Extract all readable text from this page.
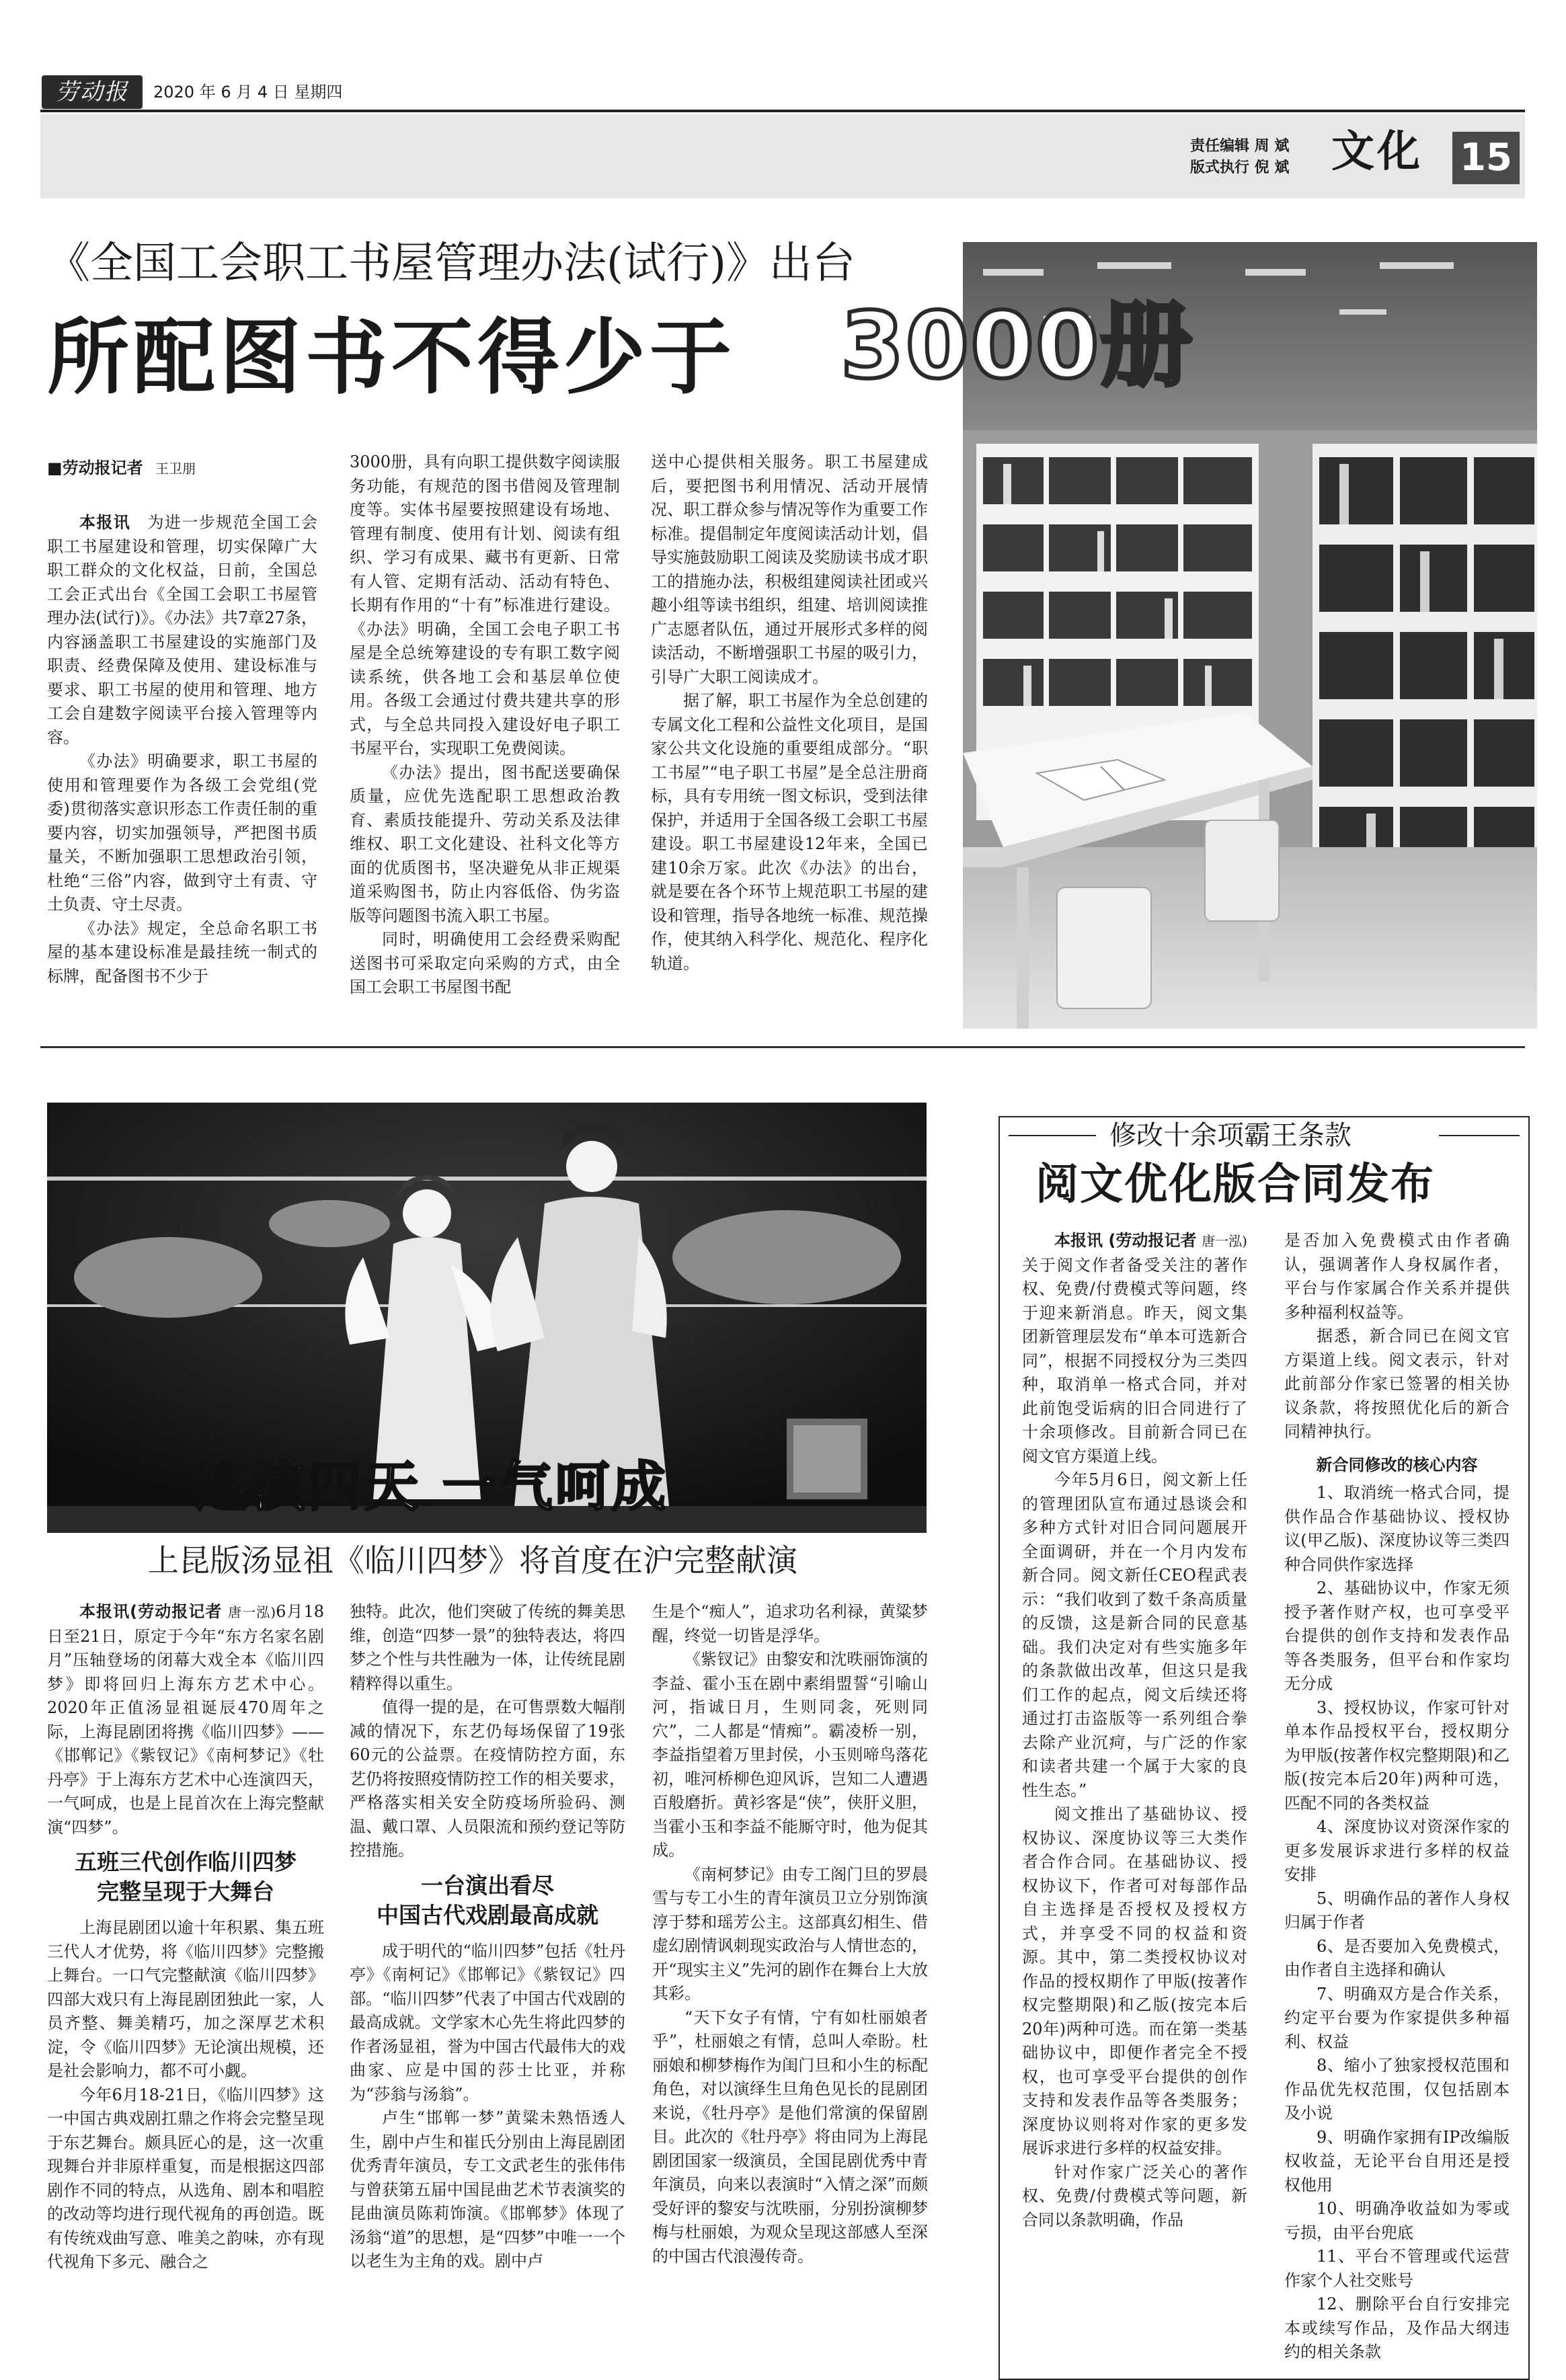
劳动报	2020 年 6 月 4 日 星期四
责任编辑 周 斌
版式执行 倪 斌 文化 15
《全国工会职工书屋管理办法(试行)》出台
所配图书不得少于 3000册
■劳动报记者 王卫朋

本报讯　 为进一步规范全国工会职工书屋建设和管理，切实保障广大职工群众的文化权益，日前，全国总工会正式出台《全国工会职工书屋管理办法(试行)》。《办法》共7章27条，内容涵盖职工书屋建设的实施部门及职责、经费保障及使用、建设标准与要求、职工书屋的使用和管理、地方工会自建数字阅读平台接入管理等内容。

《办法》明确要求，职工书屋的使用和管理要作为各级工会党组(党委)贯彻落实意识形态工作责任制的重要内容，切实加强领导，严把图书质量关，不断加强职工思想政治引领，杜绝“三俗”内容，做到守土有责、守土负责、守土尽责。

《办法》规定，全总命名职工书屋的基本建设标准是最挂统一制式的标牌，配备图书不少于

3000册，具有向职工提供数字阅读服务功能，有规范的图书借阅及管理制度等。实体书屋要按照建设有场地、管理有制度、使用有计划、阅读有组织、学习有成果、藏书有更新、日常有人管、定期有活动、活动有特色、长期有作用的“十有”标准进行建设。《办法》明确，全国工会电子职工书屋是全总统筹建设的专有职工数字阅读系统，供各地工会和基层单位使用。各级工会通过付费共建共享的形式，与全总共同投入建设好电子职工书屋平台，实现职工免费阅读。

《办法》提出，图书配送要确保质量，应优先选配职工思想政治教育、素质技能提升、劳动关系及法律维权、职工文化建设、社科文化等方面的优质图书，坚决避免从非正规渠道采购图书，防止内容低俗、伪劣盗版等问题图书流入职工书屋。

同时，明确使用工会经费采购配送图书可采取定向采购的方式，由全国工会职工书屋图书配

送中心提供相关服务。职工书屋建成后，要把图书利用情况、活动开展情况、职工群众参与情况等作为重要工作标准。提倡制定年度阅读活动计划，倡导实施鼓励职工阅读及奖励读书成才职工的措施办法，积极组建阅读社团或兴趣小组等读书组织，组建、培训阅读推广志愿者队伍，通过开展形式多样的阅读活动，不断增强职工书屋的吸引力，引导广大职工阅读成才。

据了解，职工书屋作为全总创建的专属文化工程和公益性文化项目，是国家公共文化设施的重要组成部分。“职工书屋”“电子职工书屋”是全总注册商标，具有专用统一图文标识，受到法律保护，并适用于全国各级工会职工书屋建设。职工书屋建设12年来，全国已建10余万家。此次《办法》的出台，就是要在各个环节上规范职工书屋的建设和管理，指导各地统一标准、规范操作，使其纳入科学化、规范化、程序化轨道。

连演四天 一气呵成
上昆版汤显祖《临川四梦》将首度在沪完整献演

本报讯(劳动报记者 唐一泓)6月18日至21日，原定于今年“东方名家名剧月”压轴登场的闭幕大戏全本《临川四梦》即将回归上海东方艺术中心。2020年正值汤显祖诞辰470周年之际，上海昆剧团将携《临川四梦》——《邯郸记》《紫钗记》《南柯梦记》《牡丹亭》于上海东方艺术中心连演四天，一气呵成，也是上昆首次在上海完整献演“四梦”。

五班三代创作临川四梦
完整呈现于大舞台

上海昆剧团以逾十年积累、集五班三代人才优势，将《临川四梦》完整搬上舞台。一口气完整献演《临川四梦》四部大戏只有上海昆剧团独此一家，人员齐整、舞美精巧，加之深厚艺术积淀，令《临川四梦》无论演出规模，还是社会影响力，都不可小觑。

今年6月18-21日，《临川四梦》这一中国古典戏剧扛鼎之作将会完整呈现于东艺舞台。颇具匠心的是，这一次重现舞台并非原样重复，而是根据这四部剧作不同的特点，从选角、剧本和唱腔的改动等均进行现代视角的再创造。既有传统戏曲写意、唯美之韵味，亦有现代视角下多元、融合之

独特。此次，他们突破了传统的舞美思维，创造“四梦一景”的独特表达，将四梦之个性与共性融为一体，让传统昆剧精粹得以重生。

值得一提的是，在可售票数大幅削减的情况下，东艺仍每场保留了19张60元的公益票。在疫情防控方面，东艺仍将按照疫情防控工作的相关要求，严格落实相关安全防疫场所验码、测温、戴口罩、人员限流和预约登记等防控措施。

一台演出看尽
中国古代戏剧最高成就

成于明代的“临川四梦”包括《牡丹亭》《南柯记》《邯郸记》《紫钗记》四部。“临川四梦”代表了中国古代戏剧的最高成就。文学家木心先生将此四梦的作者汤显祖，誉为中国古代最伟大的戏曲家、应是中国的莎士比亚，并称为“莎翁与汤翁”。

卢生“邯郸一梦”黄粱未熟悟透人生，剧中卢生和崔氏分别由上海昆剧团优秀青年演员，专工文武老生的张伟伟与曾获第五届中国昆曲艺术节表演奖的昆曲演员陈莉饰演。《邯郸梦》体现了汤翁“道”的思想，是“四梦”中唯一一个以老生为主角的戏。剧中卢

生是个“痴人”，追求功名利禄，黄粱梦醒，终觉一切皆是浮华。

《紫钗记》由黎安和沈昳丽饰演的李益、霍小玉在剧中素绢盟誓“引喻山河，指诚日月，生则同衾，死则同穴”，二人都是“情痴”。霸凌桥一别，李益指望着万里封侯，小玉则啼鸟落花初，唯河桥柳色迎风诉，岂知二人遭遇百般磨折。黄衫客是“侠”，侠肝义胆，当霍小玉和李益不能厮守时，他为促其成。

《南柯梦记》由专工阁门旦的罗晨雪与专工小生的青年演员卫立分别饰演淳于棼和瑶芳公主。这部真幻相生、借虚幻剧情讽刺现实政治与人情世态的，开“现实主义”先河的剧作在舞台上大放其彩。

“天下女子有情，宁有如杜丽娘者乎”，杜丽娘之有情，总叫人牵盼。杜丽娘和柳梦梅作为闺门旦和小生的标配角色，对以演绎生旦角色见长的昆剧团来说，《牡丹亭》是他们常演的保留剧目。此次的《牡丹亭》将由同为上海昆剧团国家一级演员，全国昆剧优秀中青年演员，向来以表演时“入情之深”而颇受好评的黎安与沈昳丽，分别扮演柳梦梅与杜丽娘，为观众呈现这部感人至深的中国古代浪漫传奇。

修改十余项霸王条款
阅文优化版合同发布

本报讯 (劳动报记者 唐一泓)关于阅文作者备受关注的著作权、免费/付费模式等问题，终于迎来新消息。昨天，阅文集团新管理层发布“单本可选新合同”，根据不同授权分为三类四种，取消单一格式合同，并对此前饱受诟病的旧合同进行了十余项修改。目前新合同已在阅文官方渠道上线。

今年5月6日，阅文新上任的管理团队宣布通过恳谈会和多种方式针对旧合同问题展开全面调研，并在一个月内发布新合同。阅文新任CEO程武表示：“我们收到了数千条高质量的反馈，这是新合同的民意基础。我们决定对有些实施多年的条款做出改革，但这只是我们工作的起点，阅文后续还将通过打击盗版等一系列组合拳去除产业沉疴，与广泛的作家和读者共建一个属于大家的良性生态。”

阅文推出了基础协议、授权协议、深度协议等三大类作者合作合同。在基础协议、授权协议下，作者可对每部作品自主选择是否授权及授权方式，并享受不同的权益和资源。其中，第二类授权协议对作品的授权期作了甲版(按著作权完整期限)和乙版(按完本后20年)两种可选。而在第一类基础协议中，即便作者完全不授权，也可享受平台提供的创作支持和发表作品等各类服务；深度协议则将对作家的更多发展诉求进行多样的权益安排。

针对作家广泛关心的著作权、免费/付费模式等问题，新合同以条款明确，作品

是否加入免费模式由作者确认，强调著作人身权属作者，平台与作家属合作关系并提供多种福利权益等。

据悉，新合同已在阅文官方渠道上线。阅文表示，针对此前部分作家已签署的相关协议条款，将按照优化后的新合同精神执行。

新合同修改的核心内容

1、取消统一格式合同，提供作品合作基础协议、授权协议(甲乙版)、深度协议等三类四种合同供作家选择

2、基础协议中，作家无须授予著作财产权，也可享受平台提供的创作支持和发表作品等各类服务，但平台和作家均无分成

3、授权协议，作家可针对单本作品授权平台，授权期分为甲版(按著作权完整期限)和乙版(按完本后20年)两种可选，匹配不同的各类权益

4、深度协议对资深作家的更多发展诉求进行多样的权益安排

5、明确作品的著作人身权归属于作者

6、是否要加入免费模式，由作者自主选择和确认

7、明确双方是合作关系，约定平台要为作家提供多种福利、权益

8、缩小了独家授权范围和作品优先权范围，仅包括剧本及小说

9、明确作家拥有IP改编版权收益，无论平台自用还是授权他用

10、明确净收益如为零或亏损，由平台兜底

11、平台不管理或代运营作家个人社交账号

12、删除平台自行安排完本或续写作品，及作品大纲违约的相关条款
